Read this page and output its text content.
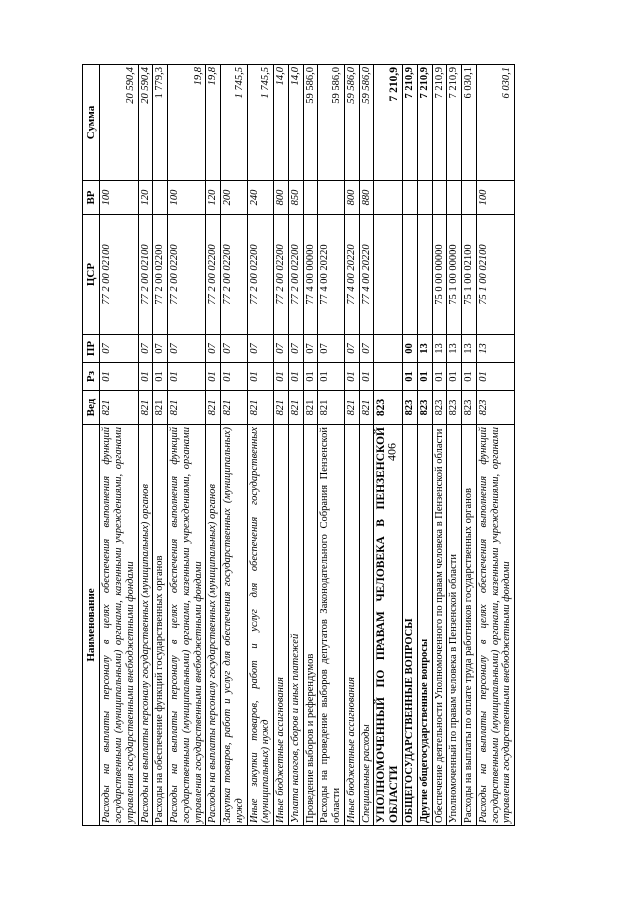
406
Наименование	Вед	Рз	ПР	ЦСР	ВР	Сумма
Расходы на выплаты персоналу в целях обеспечения выполнения функций государственными (муниципальными) органами, казенными учреждениями, органами управления государственными внебюджетными фондами	821	01	07	77 2 00 02100	100	20 590,4
Расходы на выплаты персоналу государственных (муниципальных) органов	821	01	07	77 2 00 02100	120	20 590,4
Расходы на обеспечение функций государственных органов	821	01	07	77 2 00 02200		1 779,3
Расходы на выплаты персоналу в целях обеспечения выполнения функций государственными (муниципальными) органами, казенными учреждениями, органами управления государственными внебюджетными фондами	821	01	07	77 2 00 02200	100	19,8
Расходы на выплаты персоналу государственных (муниципальных) органов	821	01	07	77 2 00 02200	120	19,8
Закупка товаров, работ и услуг для обеспечения государственных (муниципальных) нужд	821	01	07	77 2 00 02200	200	1 745,5
Иные закупки товаров, работ и услуг для обеспечения государственных (муниципальных) нужд	821	01	07	77 2 00 02200	240	1 745,5
Иные бюджетные ассигнования	821	01	07	77 2 00 02200	800	14,0
Уплата налогов, сборов и иных платежей	821	01	07	77 2 00 02200	850	14,0
Проведение выборов и референдумов	821	01	07	77 4 00 00000		59 586,0
Расходы на проведение выборов депутатов Законодательного Собрания Пензенской области	821	01	07	77 4 00 20220		59 586,0
Иные бюджетные ассигнования	821	01	07	77 4 00 20220	800	59 586,0
Специальные расходы	821	01	07	77 4 00 20220	880	59 586,0
УПОЛНОМОЧЕННЫЙ ПО ПРАВАМ ЧЕЛОВЕКА В ПЕНЗЕНСКОЙ ОБЛАСТИ	823					7 210,9
ОБЩЕГОСУДАРСТВЕННЫЕ ВОПРОСЫ	823	01	00			7 210,9
Другие общегосударственные вопросы	823	01	13			7 210,9
Обеспечение деятельности Уполномоченного по правам человека в Пензенской области	823	01	13	75 0 00 00000		7 210,9
Уполномоченный по правам человека в Пензенской области	823	01	13	75 1 00 00000		7 210,9
Расходы на выплаты по оплате труда работников государственных органов	823	01	13	75 1 00 02100		6 030,1
Расходы на выплаты персоналу в целях обеспечения выполнения функций государственными (муниципальными) органами, казенными учреждениями, органами управления государственными внебюджетными фондами	823	01	13	75 1 00 02100	100	6 030,1
